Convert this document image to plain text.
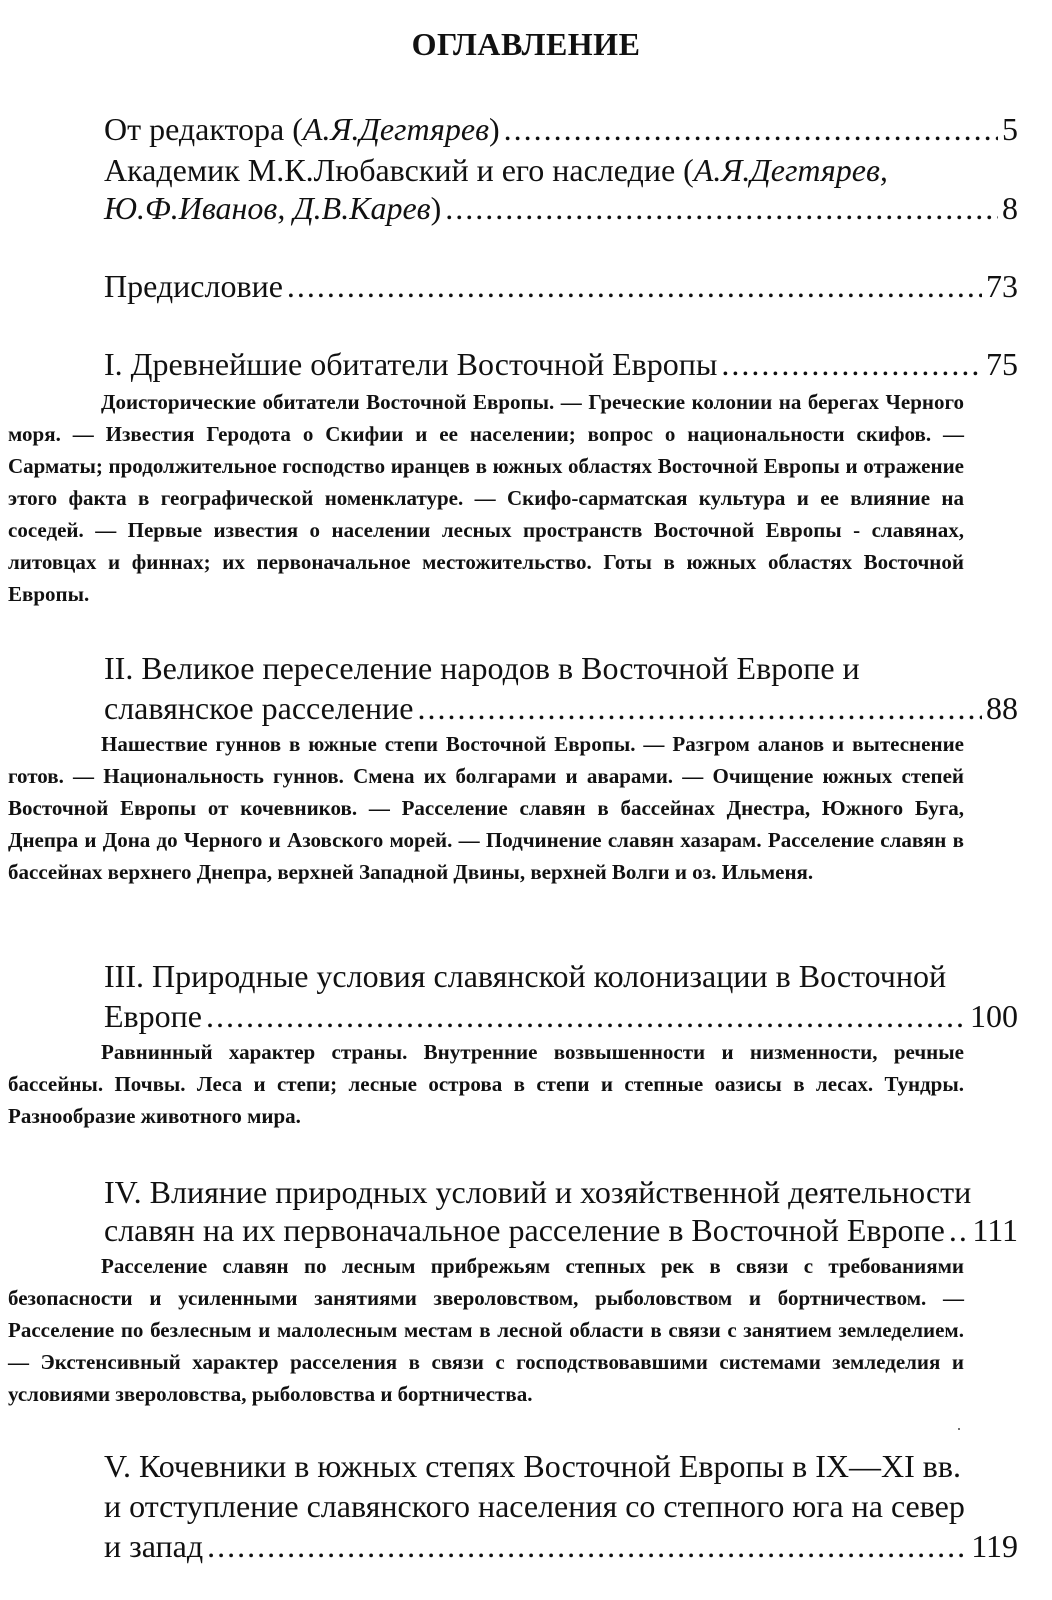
ОГЛАВЛЕНИЕ
От редактора (А.Я.Дегтярев) .....	5
Академик М.К.Любавский и его наследие (А.Я.Дегтярев,
Ю.Ф.Иванов, Д.В.Карев) .....	8
Предисловие .....	73
I. Древнейшие обитатели Восточной Европы .....	75

Доисторические обитатели Восточной Европы. — Греческие колонии на берегах Черного моря. — Известия Геродота о Скифии и ее населении; вопрос о национальности скифов. — Сарматы; продолжительное господство иранцев в южных областях Восточной Европы и отражение этого факта в географической номенклатуре. — Скифо-сарматская культура и ее влияние на соседей. — Первые известия о населении лесных пространств Восточной Европы - славянах, литовцах и финнах; их первоначальное местожительство. Готы в южных областях Восточной Европы.

II. Великое переселение народов в Восточной Европе и
славянское расселение .....	88

Нашествие гуннов в южные степи Восточной Европы. — Разгром аланов и вытеснение готов. — Национальность гуннов. Смена их болгарами и аварами. — Очищение южных степей Восточной Европы от кочевников. — Расселение славян в бассейнах Днестра, Южного Буга, Днепра и Дона до Черного и Азовского морей. — Подчинение славян хазарам. Расселение славян в бассейнах верхнего Днепра, верхней Западной Двины, верхней Волги и оз. Ильменя.

III. Природные условия славянской колонизации в Восточной
Европе .....	100

Равнинный характер страны. Внутренние возвышенности и низменности, речные бассейны. Почвы. Леса и степи; лесные острова в степи и степные оазисы в лесах. Тундры. Разнообразие животного мира.

IV. Влияние природных условий и хозяйственной деятельности
славян на их первоначальное расселение в Восточной Европе ..... 111

Расселение славян по лесным прибрежьям степных рек в связи с требованиями безопасности и усиленными занятиями звероловством, рыболовством и бортничеством. — Расселение по безлесным и малолесным местам в лесной области в связи с занятием земледелием. — Экстенсивный характер расселения в связи с господствовавшими системами земледелия и условиями звероловства, рыболовства и бортничества.

V. Кочевники в южных степях Восточной Европы в IX—XI вв.
и отступление славянского населения со степного юга на север
и запад .....	119
